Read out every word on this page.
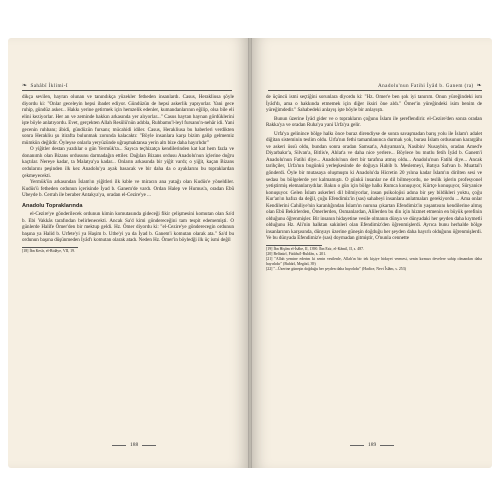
❧ Sahâbî İklimi-I

dikça sevilen, hayran olunan ve tanındıkça yüzekler fetheden insanlardı. Casus, Herakliusa şöyle diyordu ki: "Onlar geceleyin hepsi ibadet ediyor. Gündüzün de hepsi askerlik yapıyorlar. Yani gece ruhip, gündüz asker... Hakkı yerine getirmek için hemzelik edenler, kumandanlarının eğilip, olsa bile eli elini keziyorlar. Her an ve zeminde hakkın arkasında yer alıyorlar..." Casus haytan haynan gördüklerini işte böyle anlatıyordu. Evet, gerçekten Allah Resûlü'nün adıbla, Ruhbamu'l-leyl fursanu'n-nehâr idi. Yani gecenin ruhbanı; âbidi, gündüzün fursanı; mücahidi idiler. Casus, Herakliusa bu haberleri verdikten sonra Herakliu şu itirafta bulunmak zorunda kalacaktı: "Böyle insanlara karşı bizim galip gelmemiz mümkün değildir. Öyleyse onlarla yeryüzünde uğraşmaktansa yerin altı bize daha hayırlıdır"

O yiğitler destan yazdılar o gün Yermük'ta... Sayıca teçhizatça kendilerinden kat kat hem fazla ve donanımlı olan Bizans ordusunu darmadağın ettiler. Dağılan Bizans ordusu Anadolu'nun içlerine doğru kaçtılar. Nereye kadar, ta Malatya'ya kadar... Onların arkasında bir yiğit vardı; o yiğit, kaçan Bizans ordularını peşinden ilk kez Anadolu'ya ayak basacak ve bir daha da o ayaklarını bu topraklardan çekmeyecekti.

Yermük'ün arkasından İslam'ın yiğitleri ilk kıble ve miracın ana yatağı olan Kudüs'e yöneldiler. Kudüs'ü fetheden ordunun içerisinde İyad b. Ganem'de vardı. Ordan Halep ve Humus'a, oradan Ebû Ubeyde b. Cerrah ile beraber Antakya'ya, oradan el-Cezire'ye ...

Anadolu Topraklarında

el-Cezire'ye gönderilecek ordunun kimin komutasında gideceği fikir çelişmesini komutan olan Sa'd b. Ebi Vakkâs tarafından belirlenecekti. Ancak Sa'd kimi göndereceğini tam tespit edememişti. O günlerde Halife Ömer'den bir mektup geldi. Hz. Ömer diyordu ki: "el-Cezire'ye gönderecegin ordunun başına ya Halid b. Urfete'yi ya Haşim b. Utbe'yi ya da İyad b. Ganem'i komutan olarak ata." Sa'd bu ordunun başına düşünmeden İyâd'ı komutan olarak atadı. Neden Hz. Ömer'in böyledği ilk üç ismi değil

[18] İbn Kesîr, el-Bidâye, VII, 19.

188
Anadolu'nun Fatihi İyâd b. Ganem (ra) ❧

de üçüncü ismi seçtiğini sorunlara diyordu ki: "Hz. Ömer'e ben şok iyi tanırım. Onun yüreğindeki ism İyâd'dı, ama o hakkında etmemek için diğer iksiri öne aldı." Ömer'in yüreğindeki isim benim de yüreğimdedir." Sahabedeki anlayış işte böyle bir anlayıştı.

Bunun üzerine İyâd gider ve o toprakların çoğunu İslam ile şereflendirir. el-Cezire'den sonra oradan Rakka'ya ve oradan Ruha'ya yani Urfa'ya gelir.

Urfa'ya gelinince bölge halkı önce buraz direndiyse de sonra savaşmadan barış yolu ile İslam'ı adalet diğitan sisteminin teslim oldu. Urfa'nın fethi tamamlanınca durmak yok, burası İslam ordusunun karargâhı ve askeri üssü oldu, bundan sonra oradan Samsat'a, Adıyaman'a, Nasibin/ Nusaybin, oradan Amed'e Diyarbakır'a, Silvan'a, Bitlis'e, Ahlat'a ve daha nice yerlere... Böylece bu mutlu fetih İyâd b. Ganem'i Anadolu'nun Fatihi diye... Anadolu'nun dert bir tarafına atmış oldu... Anadolu'nun Fatihi diye... Ancak tarihçiler, Urfa'nın bugünkü yerleşkesinde de doğuya Habib b. Meslemeyi, Batıya Safvan b. Muattal'ı gönderdi. Öyle bir mutasaya oluşmuştu ki Anadolu'da Hicretin 20 yılına kadar İslam'ın dirilten sesi ve sedası bu bölgelerde yer kalmamıştı. O günkü insanlar ne dil bilmeyordu, ne teslik işlerin profesyonel yetiştirmiş elemanlarıydılar. Bakın o gün için bölge halkı Rumca konuşuyor, Kürtçe konuşuyor, Süryanice konuşuyor. Gelen İslam askerleri dil bilmiyorlar, insan psikolojisi adına bir şey bildikleri yoktu, çoğu Kur'an'ın hafızı da değil, çoğu Efendimiz'in (sas) sahabeyi insanlara anlatmaları gerekiyordu ... Ama onlar Kendilerini Cahiliye'nin karanlığından İslam'ın nuruna çıkartan Efendimiz'in yaşantısını kendilerine almış olan Ebû Bekirlerden, Ömerlerden, Osmanlardan, Alilerden bu din için hizmet etmenin en büyük şerefinin olduğunu öğrenmişler. Bir insanın hidayetine vesile olmanın dünya ve dünyadaki her şeyden daha kıymetli olduğunu Hz. Ali'nin halktan sakinleri olan Efendimiz'den öğrenmişlerdi. Ayrıca bunu herhalde bölge insanlarının karşısında, dünyayı üzerine güneşin doğduğu her şeyden daha hayırlı olduğunu öğrenmişlerdi. Ve bu dünyada Efendimiz'e (sas) doymadan gitmiştir, O'nunla cennette

[19] İbn Hişâm el-İsâbe, II, 1390. İbn Esir, el-Kâmil, II, s. 487.

[20] Belâzürî, Fütûhu'l-Buldân, s. 201.

[21] "Allah yemine ederim ki senin vesilenle, Allah'ın bir tek kişiye hidayet vermesi, senin kırmızı develere sahip olmandan daha hayırlıdır" (Buhârî, Megâzî, 39)

[22] "...Üzerine güneşin doğduğu her şeyden daha hayırlıdır" (Hadice, Nevi Îslâm, s. 253)

189
